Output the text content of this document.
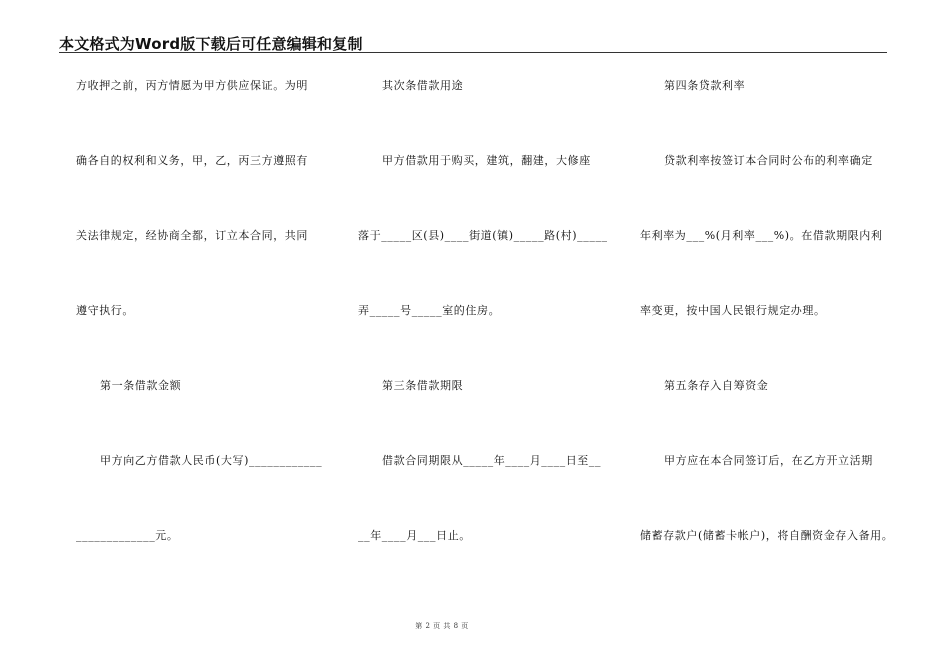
本文格式为Word版下载后可任意编辑和复制
方收押之前，丙方情愿为甲方供应保证。为明
确各自的权利和义务，甲，乙，丙三方遵照有
关法律规定，经协商全都，订立本合同，共同
遵守执行。
第一条借款金额
甲方向乙方借款人民币(大写)____________
_____________元。
其次条借款用途
甲方借款用于购买，建筑，翻建，大修座
落于_____区(县)____街道(镇)_____路(村)_____
弄_____号_____室的住房。
第三条借款期限
借款合同期限从_____年____月____日至__
__年____月___日止。
第四条贷款利率
贷款利率按签订本合同时公布的利率确定
年利率为___%(月利率___%)。在借款期限内利
率变更，按中国人民银行规定办理。
第五条存入自筹资金
甲方应在本合同签订后，在乙方开立活期
储蓄存款户(储蓄卡帐户)，将自酬资金存入备用。
第 2 页 共 8 页
